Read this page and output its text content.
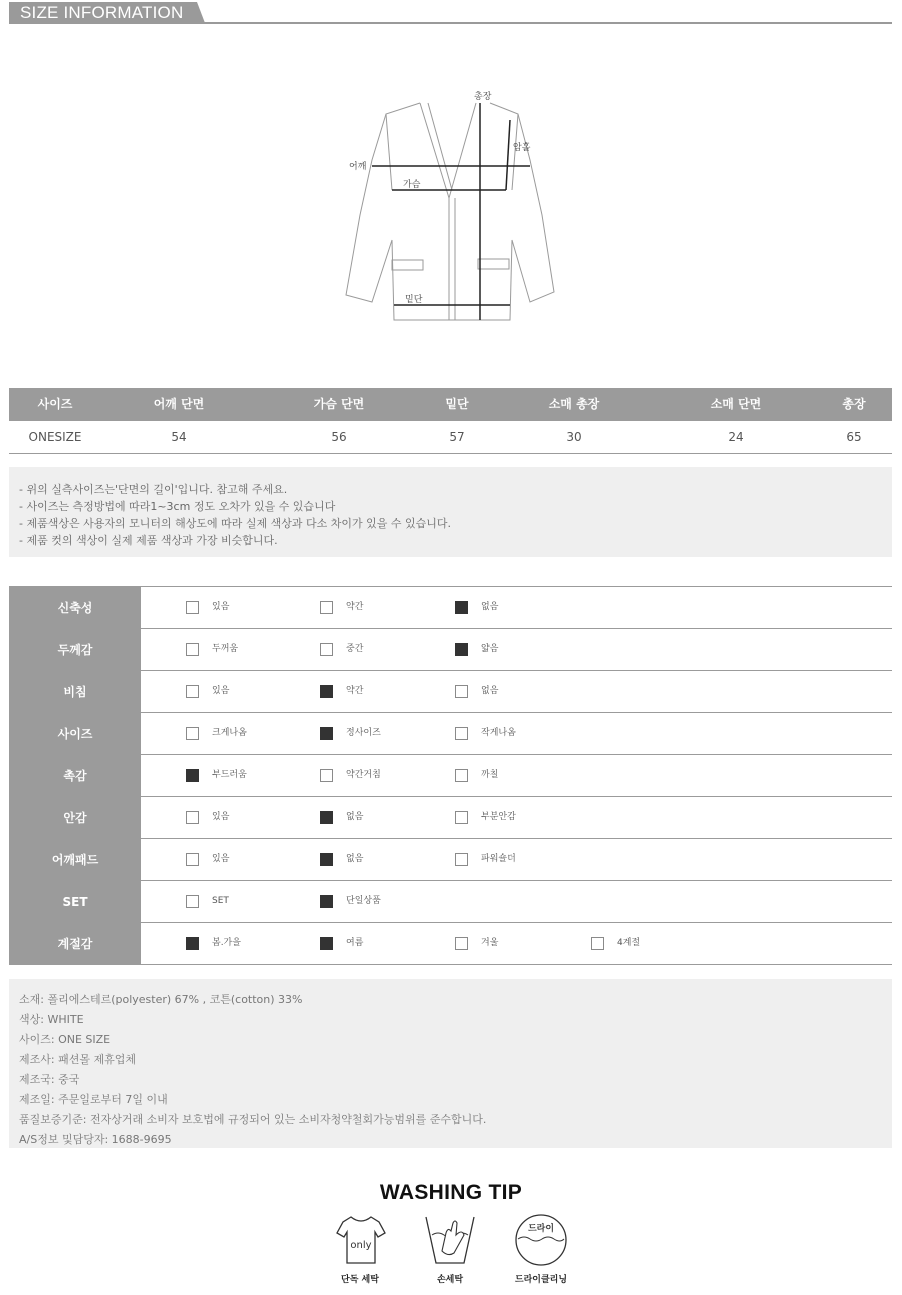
SIZE INFORMATION
총장
암홀
어깨
가슴
밑단
사이즈	어깨 단면	가슴 단면	밑단	소매 총장	소매 단면	총장
ONESIZE	54	56	57	30	24	65

- 위의 실측사이즈는'단면의 길이'입니다. 참고해 주세요.

- 사이즈는 측정방법에 따라1~3cm 정도 오차가 있을 수 있습니다

- 제품색상은 사용자의 모니터의 해상도에 따라 실제 색상과 다소 차이가 있을 수 있습니다.

- 제품 컷의 색상이 실제 제품 색상과 가장 비슷합니다.

신축성	있음	약간	없음
두께감	두꺼움	중간	얇음
비침	있음	약간	없음
사이즈	크게나옴	정사이즈	작게나옴
촉감	부드러움	약간거침	까칠
안감	있음	없음	부분안감
어깨패드	있음	없음	파워숄더
SET	SET	단일상품
계절감	봄.가을	여름	겨울	4계절

소재: 폴리에스테르(polyester) 67% , 코튼(cotton) 33%

색상: WHITE

사이즈: ONE SIZE

제조사: 패션몰 제휴업체

제조국: 중국

제조일: 주문일로부터 7일 이내

품질보증기준: 전자상거래 소비자 보호법에 규정되어 있는 소비자청약철회가능범위를 준수합니다.

A/S정보 및담당자: 1688-9695

WASHING TIP
only
드라이
단독 세탁	손세탁	드라이클리닝
